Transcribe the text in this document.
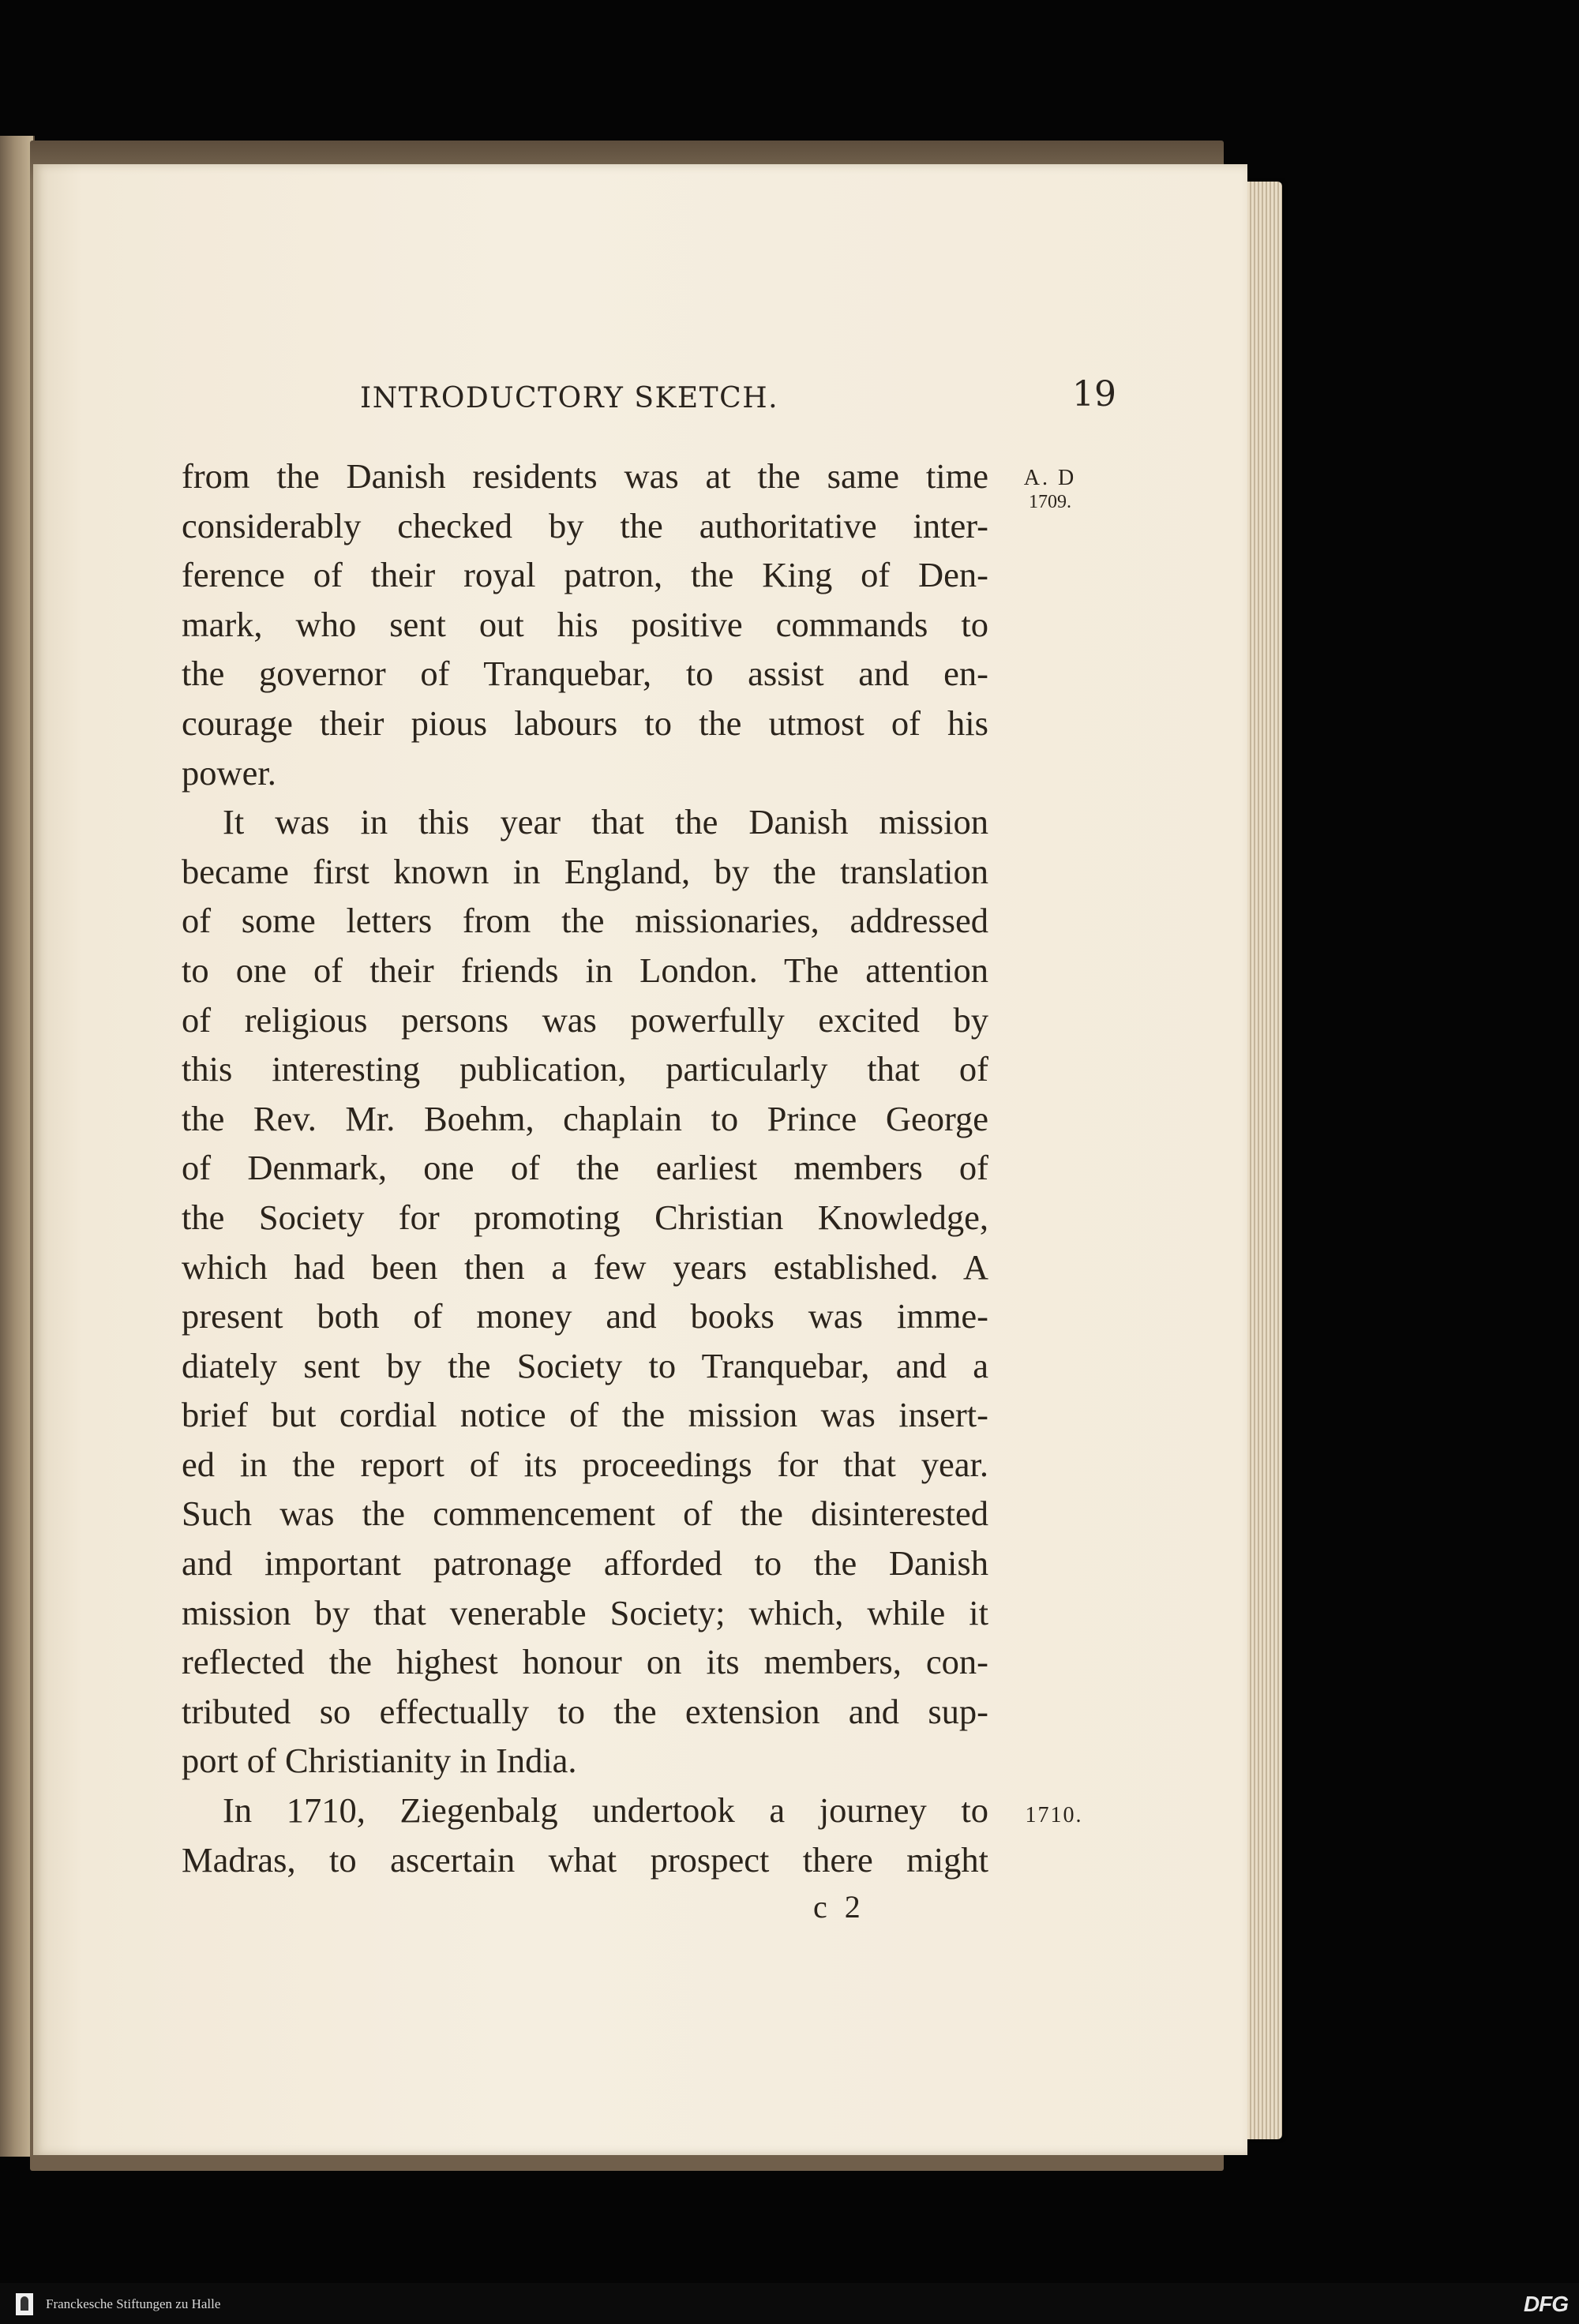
INTRODUCTORY SKETCH.	19
A. D
1709.
from the Danish residents was at the same time
considerably checked by the authoritative inter-
ference of their royal patron, the King of Den-
mark, who sent out his positive commands to
the governor of Tranquebar, to assist and en-
courage their pious labours to the utmost of his
power.
It was in this year that the Danish mission
became first known in England, by the translation
of some letters from the missionaries, addressed
to one of their friends in London. The attention
of religious persons was powerfully excited by
this interesting publication, particularly that of
the Rev. Mr. Boehm, chaplain to Prince George
of Denmark, one of the earliest members of
the Society for promoting Christian Knowledge,
which had been then a few years established. A
present both of money and books was imme-
diately sent by the Society to Tranquebar, and a
brief but cordial notice of the mission was insert-
ed in the report of its proceedings for that year.
Such was the commencement of the disinterested
and important patronage afforded to the Danish
mission by that venerable Society; which, while it
reflected the highest honour on its members, con-
tributed so effectually to the extension and sup-
port of Christianity in India.
In 1710, Ziegenbalg undertook a journey to
Madras, to ascertain what prospect there might
1710.
c 2
Franckesche Stiftungen zu Halle	DFG
